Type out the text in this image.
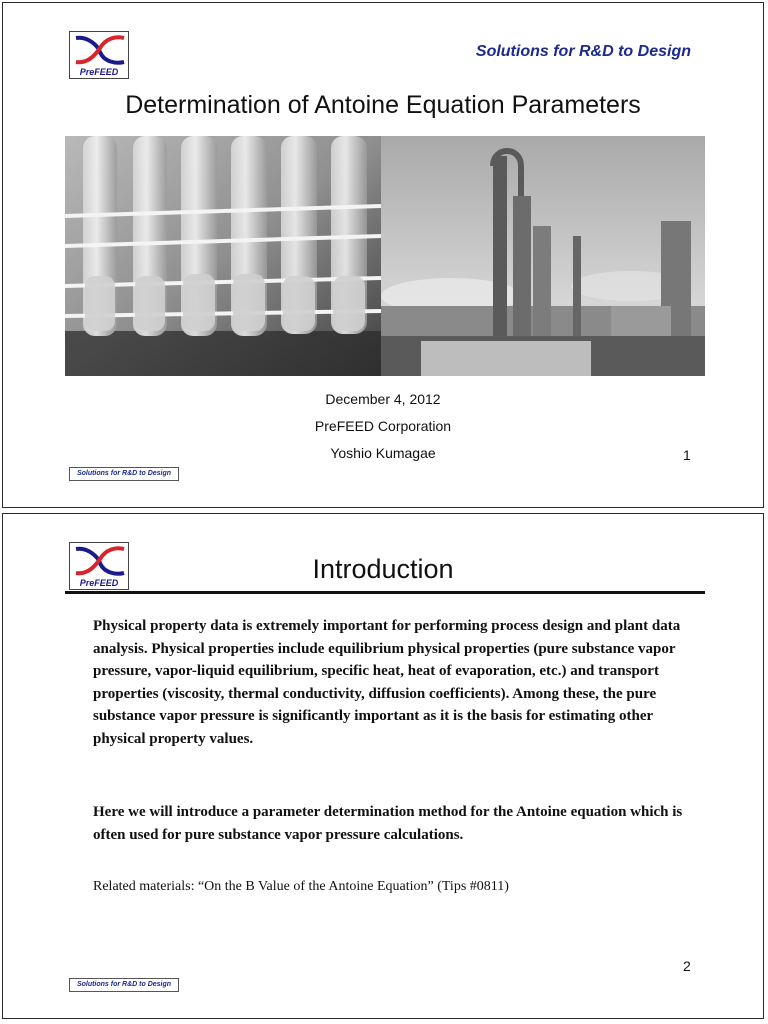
PreFEED
Solutions for R&D to Design
Determination of Antoine Equation Parameters
December 4, 2012
PreFEED Corporation
Yoshio Kumagae
Solutions for R&D to Design
1
PreFEED	Introduction
Physical property data is extremely important for performing process design and plant data analysis. Physical properties include equilibrium physical properties (pure substance vapor pressure, vapor-liquid equilibrium, specific heat, heat of evaporation, etc.) and transport properties (viscosity, thermal conductivity, diffusion coefficients). Among these, the pure substance vapor pressure is significantly important as it is the basis for estimating other physical property values.
Here we will introduce a parameter determination method for the Antoine equation which is often used for pure substance vapor pressure calculations.
Related materials: “On the B Value of the Antoine Equation” (Tips #0811)
Solutions for R&D to Design
2
